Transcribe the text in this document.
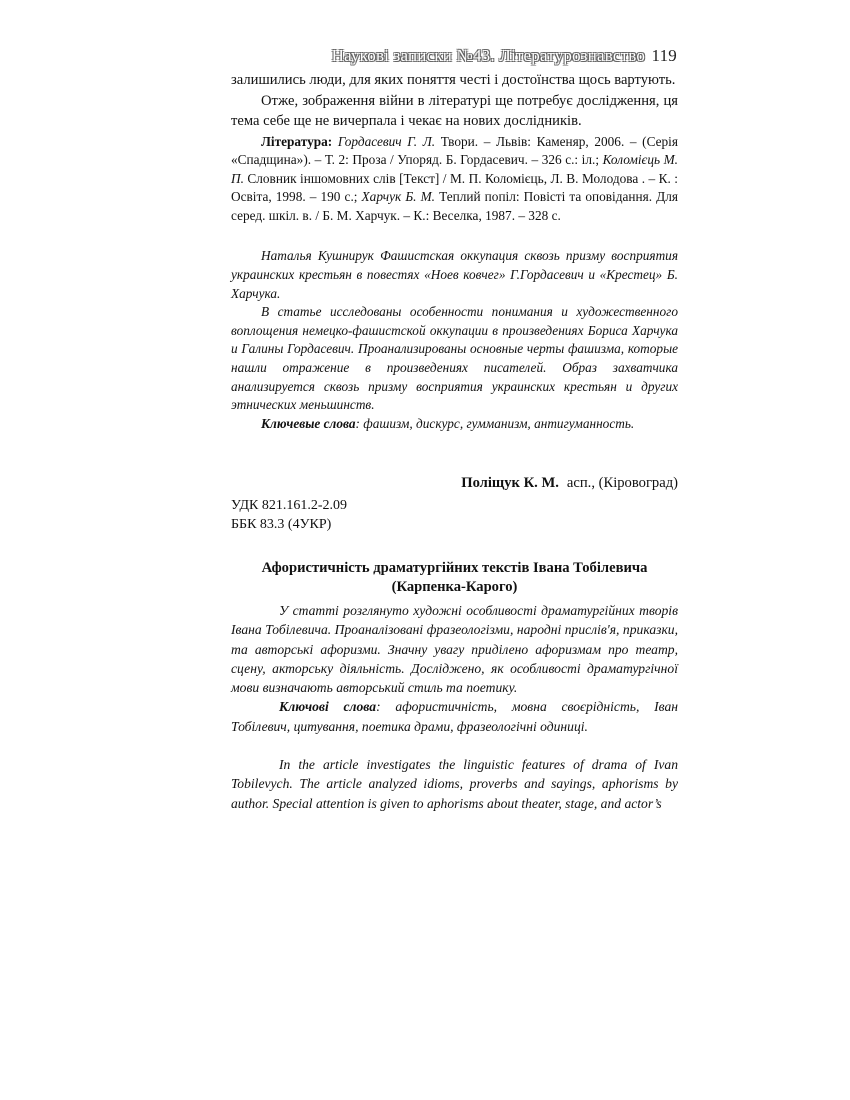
Наукові записки №43. Літературознавство 119

залишились люди, для яких поняття честі і достоїнства щось вартують.

Отже, зображення війни в літературі ще потребує дослідження, ця тема себе ще не вичерпала і чекає на нових дослідників.

Література: Гордасевич Г. Л. Твори. – Львів: Каменяр, 2006. – (Серія «Спадщина»). – Т. 2: Проза / Упоряд. Б. Гордасевич. – 326 с.: іл.; Коломієць М. П. Словник іншомовних слів [Текст] / М. П. Коломієць, Л. В. Молодова . – К. : Освіта, 1998. – 190 с.; Харчук Б. М. Теплий попіл: Повісті та оповідання. Для серед. шкіл. в. / Б. М. Харчук. – К.: Веселка, 1987. – 328 с.

Наталья Кушнирук Фашистская оккупация сквозь призму восприятия украинских крестьян в повестях «Ноев ковчег» Г.Гордасевич и «Крестец» Б. Харчука.

В статье исследованы особенности понимания и художественного воплощения немецко-фашистской оккупации в произведениях Бориса Харчука и Галины Гордасевич. Проанализированы основные черты фашизма, которые нашли отражение в произведениях писателей. Образ захватчика анализируется сквозь призму восприятия украинских крестьян и других этнических меньшинств.

Ключевые слова: фашизм, дискурс, гумманизм, антигуманность.

Поліщук К. М. асп., (Кіровоград)
УДК 821.161.2-2.09
ББК 83.3 (4УКР)
Афористичність драматургійних текстів Івана Тобілевича
(Карпенка-Карого)

У статті розглянуто художні особливості драматургійних творів Івана Тобілевича. Проаналізовані фразеологізми, народні прислів'я, приказки, та авторські афоризми. Значну увагу приділено афоризмам про театр, сцену, акторську діяльність. Досліджено, як особливості драматургічної мови визначають авторський стиль та поетику.

Ключові слова: афористичність, мовна своєрідність, Іван Тобілевич, цитування, поетика драми, фразеологічні одиниці.

In the article investigates the linguistic features of drama of Ivan Tobilevych. The article analyzed idioms, proverbs and sayings, aphorisms by author. Special attention is given to aphorisms about theater, stage, and actor’s
